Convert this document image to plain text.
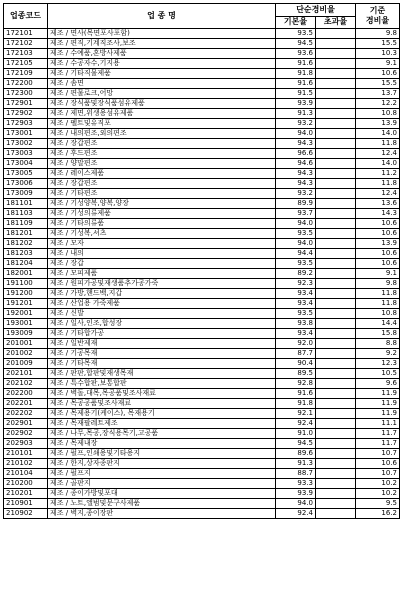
업종코드	업 종 명	단순경비율		기준
경비율

		기본율	초과율	
172101	제조 / 면사(목면포사포함)	93.5		9.8
172102	제조 / 편직,기계직조사,보조	94.5		15.5
172103	제조 / 수예품,혼방사제품	93.6		10.3
172105	제조 / 수공자수,기지용	91.6		9.1
172109	제조 / 기타직물제품	91.8		10.6
172200	제조 / 솜면	91.6		15.5
172300	제조 / 편물로크,어망	91.5		13.7
172901	제조 / 장식품및장식품섬유제품	93.9		12.2
172902	제조 / 제면,위생용섬유제품	91.3		10.8
172903	제조 / 펠트및유직포	93.2		13.9
173001	제조 / 내의편조,외의편조	94.0		14.0
173002	제조 / 장갑편조	94.3		11.8
173003	제조 / 후드편조	96.6		12.4
173004	제조 / 양말편조	94.6		14.0
173005	제조 / 레이스제품	94.3		11.2
173006	제조 / 장갑편조	94.3		11.8
173009	제조 / 기타편조	93.2		12.4
181101	제조 / 기성양복,양복,양장	89.9		13.6
181103	제조 / 기성의류제품	93.7		14.3
181109	제조 / 기타의류품	94.0		10.6
181201	제조 / 기성복,셔츠	93.5		10.6
181202	제조 / 모자	94.0		13.9
181203	제조 / 내의	94.4		10.6
181204	제조 / 장갑	93.5		10.6
182001	제조 / 모피제품	89.2		9.1
191100	제조 / 원피가공및재생품추가공가죽	92.3		9.8
191200	제조 / 가방,핸드백,지갑	93.4		11.8
191201	제조 / 산업용 가죽제품	93.4		11.8
192001	제조 / 신발	93.5		10.8
193001	제조 / 일사,인조,합성장	93.8		14.4
193009	제조 / 기타합가공	93.4		15.8
201001	제조 / 일반제재	92.0		8.8
201002	제조 / 기공목재	87.7		9.2
201009	제조 / 기타목재	90.4		12.3
202101	제조 / 판판,합판및재생목재	89.5		10.5
202102	제조 / 특수합판,보통합판	92.8		9.6
202200	제조 / 벽돌,대목,목공품및조사재료	91.6		11.9
202201	제조 / 목공공품및조사재료	91.8		11.9
202202	제조 / 목제용기(케이스), 목재용기	92.1		11.9
202901	제조 / 목재팔레트제조	92.4		11.1
202902	제조 / 나무,목공,장식용목기,고공품	91.0		11.7
202903	제조 / 목제내장	94.5		11.7
210101	제조 / 펄프,인쇄용및기타용지	89.6		10.7
210102	제조 / 한지,상자종판지	91.3		10.6
210104	제조 / 펄프지	88.7		10.7
210200	제조 / 골판지	93.3		10.2
210201	제조 / 종이가방및포대	93.9		10.2
210901	제조 / 노트,앨범및문구사제품	94.0		9.5
210902	제조 / 벽지,종이장판	92.4		16.2
